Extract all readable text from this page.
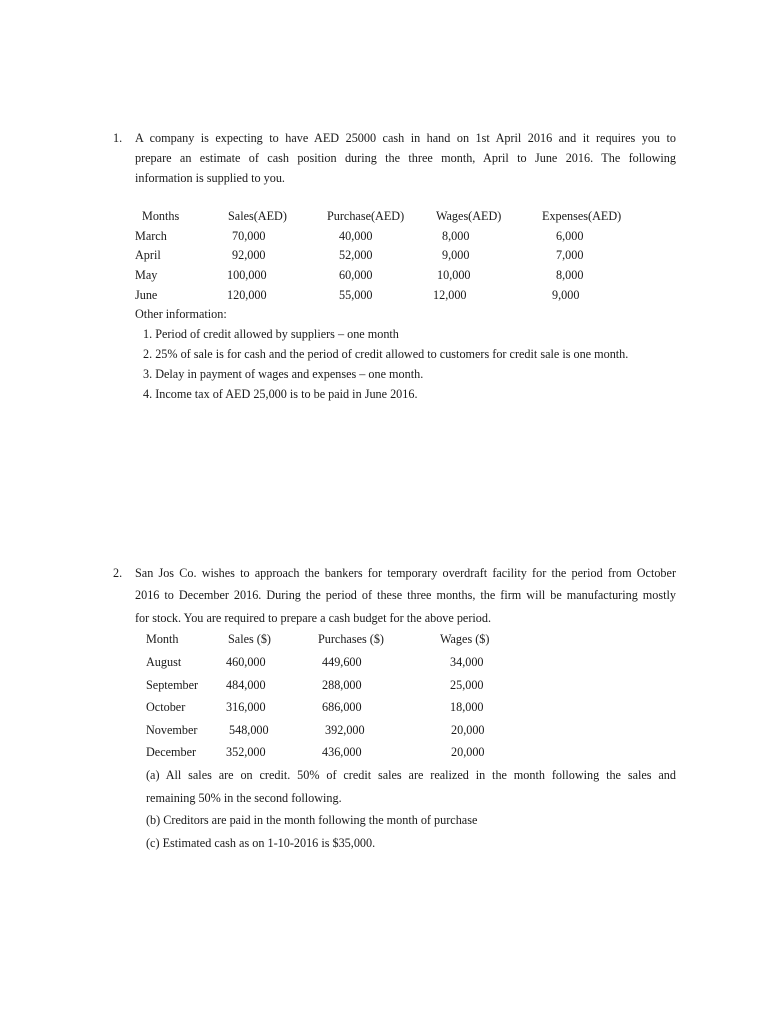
1. A company is expecting to have AED 25000 cash in hand on 1st April 2016 and it requires you to
prepare an estimate of cash position during the three month, April to June 2016. The following
information is supplied to you.
Months	Sales(AED)	Purchase(AED)	Wages(AED)	Expenses(AED)
March	70,000	40,000	8,000	6,000
April	92,000	52,000	9,000	7,000
May	100,000	60,000	10,000	8,000
June	120,000	55,000	12,000	9,000
Other information:
1. Period of credit allowed by suppliers – one month
2. 25% of sale is for cash and the period of credit allowed to customers for credit sale is one month.
3. Delay in payment of wages and expenses – one month.
4. Income tax of AED 25,000 is to be paid in June 2016.
2. San Jos Co. wishes to approach the bankers for temporary overdraft facility for the period from October
2016 to December 2016. During the period of these three months, the firm will be manufacturing mostly
for stock. You are required to prepare a cash budget for the above period.
Month	Sales ($)	Purchases ($)	Wages ($)
August	460,000	449,600	34,000
September 484,000	288,000	25,000
October	316,000	686,000	18,000
November	548,000	392,000	20,000
December 352,000	436,000	20,000
(a) All sales are on credit. 50% of credit sales are realized in the month following the sales and
remaining 50% in the second following.
(b) Creditors are paid in the month following the month of purchase
(c) Estimated cash as on 1-10-2016 is $35,000.
